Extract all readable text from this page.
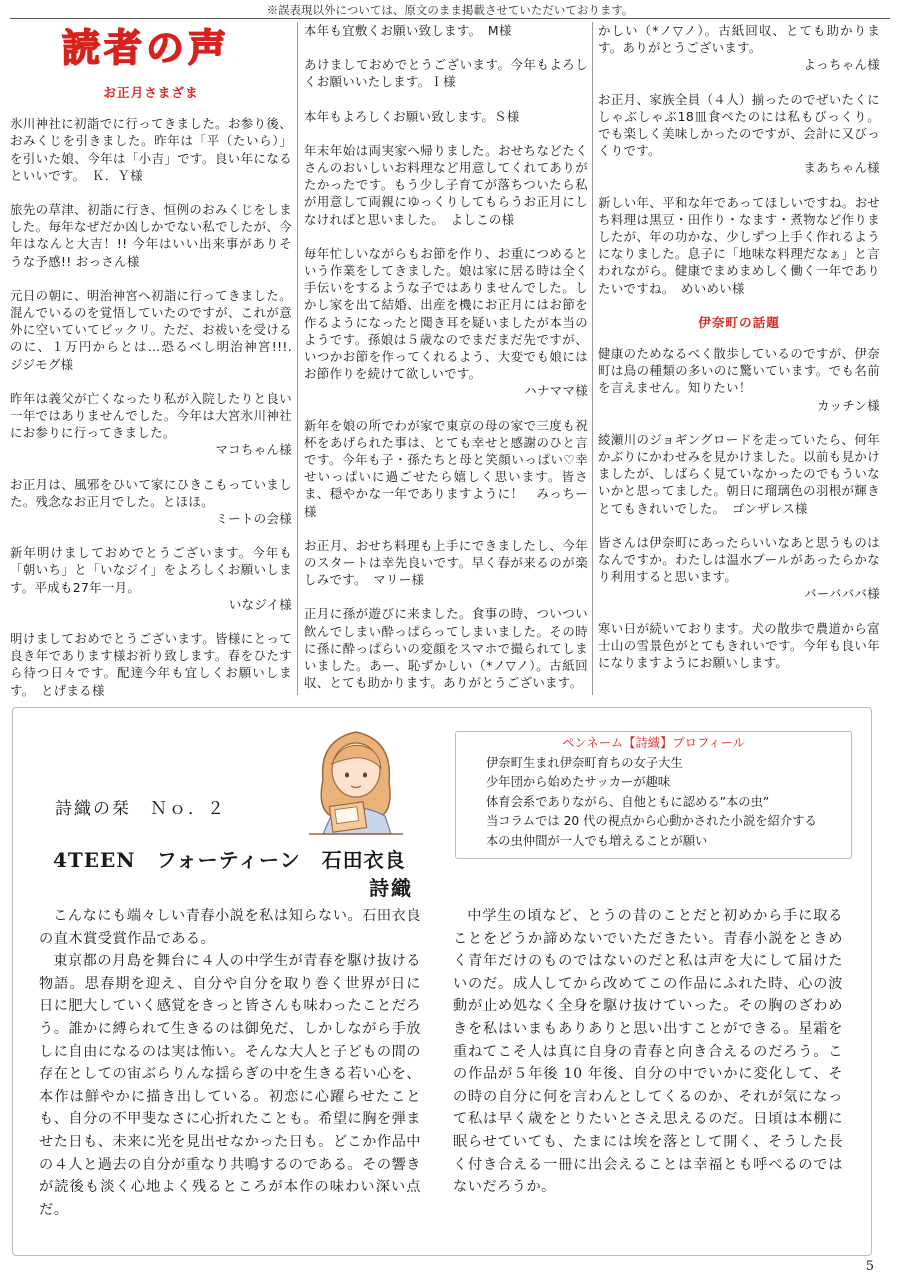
※誤表現以外については、原文のまま掲載させていただいております。
読者の声
お正月さまざま
氷川神社に初詣でに行ってきました。お参り後、おみくじを引きました。昨年は「平（たいら）」を引いた娘、今年は「小吉」です。良い年になるといいです。　Ｋ．Ｙ様
旅先の草津、初詣に行き、恒例のおみくじをしました。毎年なぜだか凶しかでない私でしたが、今年はなんと大吉！!! 今年はいい出来事がありそうな予感!! おっさん様
元日の朝に、明治神宮へ初詣に行ってきました。混んでいるのを覚悟していたのですが、これが意外に空いていてビックリ。ただ、お祓いを受けるのに、１万円からとは…恐るべし明治神宮!!!.　　ジジモグ様
昨年は義父が亡くなったり私が入院したりと良い一年ではありませんでした。今年は大宮氷川神社にお参りに行ってきました。
マコちゃん様
お正月は、風邪をひいて家にひきこもっていました。残念なお正月でした。とほほ。
ミートの会様
新年明けましておめでとうございます。今年も「朝いち」と「いなジイ」をよろしくお願いします。平成も27年一月。
いなジイ様
明けましておめでとうございます。皆様にとって良き年であります様お祈り致します。春をひたすら待つ日々です。配達今年も宜しくお願いします。　とげまる様
本年も宜敷くお願い致します。　M様
あけましておめでとうございます。今年もよろしくお願いいたします。Ｉ様
本年もよろしくお願い致します。Ｓ様
年末年始は両実家へ帰りました。おせちなどたくさんのおいしいお料理など用意してくれてありがたかったです。もう少し子育てが落ちついたら私が用意して両親にゆっくりしてもらうお正月にしなければと思いました。　よしこの様
毎年忙しいながらもお節を作り、お重につめるという作業をしてきました。娘は家に居る時は全く手伝いをするような子ではありませんでした。しかし家を出て結婚、出産を機にお正月にはお節を作るようになったと聞き耳を疑いましたが本当のようです。孫娘は５歳なのでまだまだ先ですが、いつかお節を作ってくれるよう、大変でも娘にはお節作りを続けて欲しいです。
ハナママ様
新年を娘の所でわが家で東京の母の家で三度も祝杯をあげられた事は、とても幸せと感謝のひと言です。今年も子・孫たちと母と笑顔いっぱい♡幸せいっぱいに過ごせたら嬉しく思います。皆さま、穏やかな一年でありますように！　みっちー様
お正月、おせち料理も上手にできましたし、今年のスタートは幸先良いです。早く春が来るのが楽しみです。　マリー様
正月に孫が遊びに来ました。食事の時、ついつい飲んでしまい酔っぱらってしまいました。その時に孫に酔っぱらいの変顔をスマホで撮られてしまいました。あー、恥ずかしい（*ノ▽ノ）。古紙回収、とても助かります。ありがとうございます。
かしい（*ノ▽ノ）。古紙回収、とても助かります。ありがとうございます。
よっちゃん様
お正月、家族全員（４人）揃ったのでぜいたくにしゃぶしゃぶ18皿食べたのには私もびっくり。でも楽しく美味しかったのですが、会計に又びっくりです。
まあちゃん様
新しい年、平和な年であってほしいですね。おせち料理は黒豆・田作り・なます・煮物など作りましたが、年の功かな、少しずつ上手く作れるようになりました。息子に「地味な料理だなぁ」と言われながら。健康でまめまめしく働く一年でありたいですね。　めいめい様
伊奈町の話題
健康のためなるべく散歩しているのですが、伊奈町は鳥の種類の多いのに驚いています。でも名前を言えません。知りたい！
カッチン様
綾瀬川のジョギングロードを走っていたら、何年かぶりにかわせみを見かけました。以前も見かけましたが、しばらく見ていなかったのでもういないかと思ってました。朝日に瑠璃色の羽根が輝きとてもきれいでした。　ゴンザレス様
皆さんは伊奈町にあったらいいなあと思うものはなんですか。わたしは温水プールがあったらかなり利用すると思います。
バーバババ様
寒い日が続いております。犬の散歩で農道から富士山の雪景色がとてもきれいです。今年も良い年になりますようにお願いします。
詩織の栞　Ｎｏ．２
4TEEN　フォーティーン　石田衣良
詩織
ペンネーム【詩織】プロフィール
伊奈町生まれ伊奈町育ちの女子大生
少年団から始めたサッカーが趣味
体育会系でありながら、自他ともに認める”本の虫”
当コラムでは 20 代の視点から心動かされた小説を紹介する
本の虫仲間が一人でも増えることが願い

こんなにも端々しい青春小説を私は知らない。石田衣良の直木賞受賞作品である。

東京都の月島を舞台に４人の中学生が青春を駆け抜ける物語。思春期を迎え、自分や自分を取り巻く世界が日に日に肥大していく感覚をきっと皆さんも味わったことだろう。誰かに縛られて生きるのは御免だ、しかしながら手放しに自由になるのは実は怖い。そんな大人と子どもの間の存在としての宙ぶらりんな揺らぎの中を生きる若い心を、本作は鮮やかに描き出している。初恋に心躍らせたことも、自分の不甲斐なさに心折れたことも。希望に胸を弾ませた日も、未来に光を見出せなかった日も。どこか作品中の４人と過去の自分が重なり共鳴するのである。その響きが読後も淡く心地よく残るところが本作の味わい深い点だ。

中学生の頃など、とうの昔のことだと初めから手に取ることをどうか諦めないでいただきたい。青春小説をときめく青年だけのものではないのだと私は声を大にして届けたいのだ。成人してから改めてこの作品にふれた時、心の波動が止め処なく全身を駆け抜けていった。その胸のざわめきを私はいまもありありと思い出すことができる。星霜を重ねてこそ人は真に自身の青春と向き合えるのだろう。この作品が５年後 10 年後、自分の中でいかに変化して、その時の自分に何を言わんとしてくるのか、それが気になって私は早く歳をとりたいとさえ思えるのだ。日頃は本棚に眠らせていても、たまには埃を落として開く、そうした長く付き合える一冊に出会えることは幸福とも呼べるのではないだろうか。

5
